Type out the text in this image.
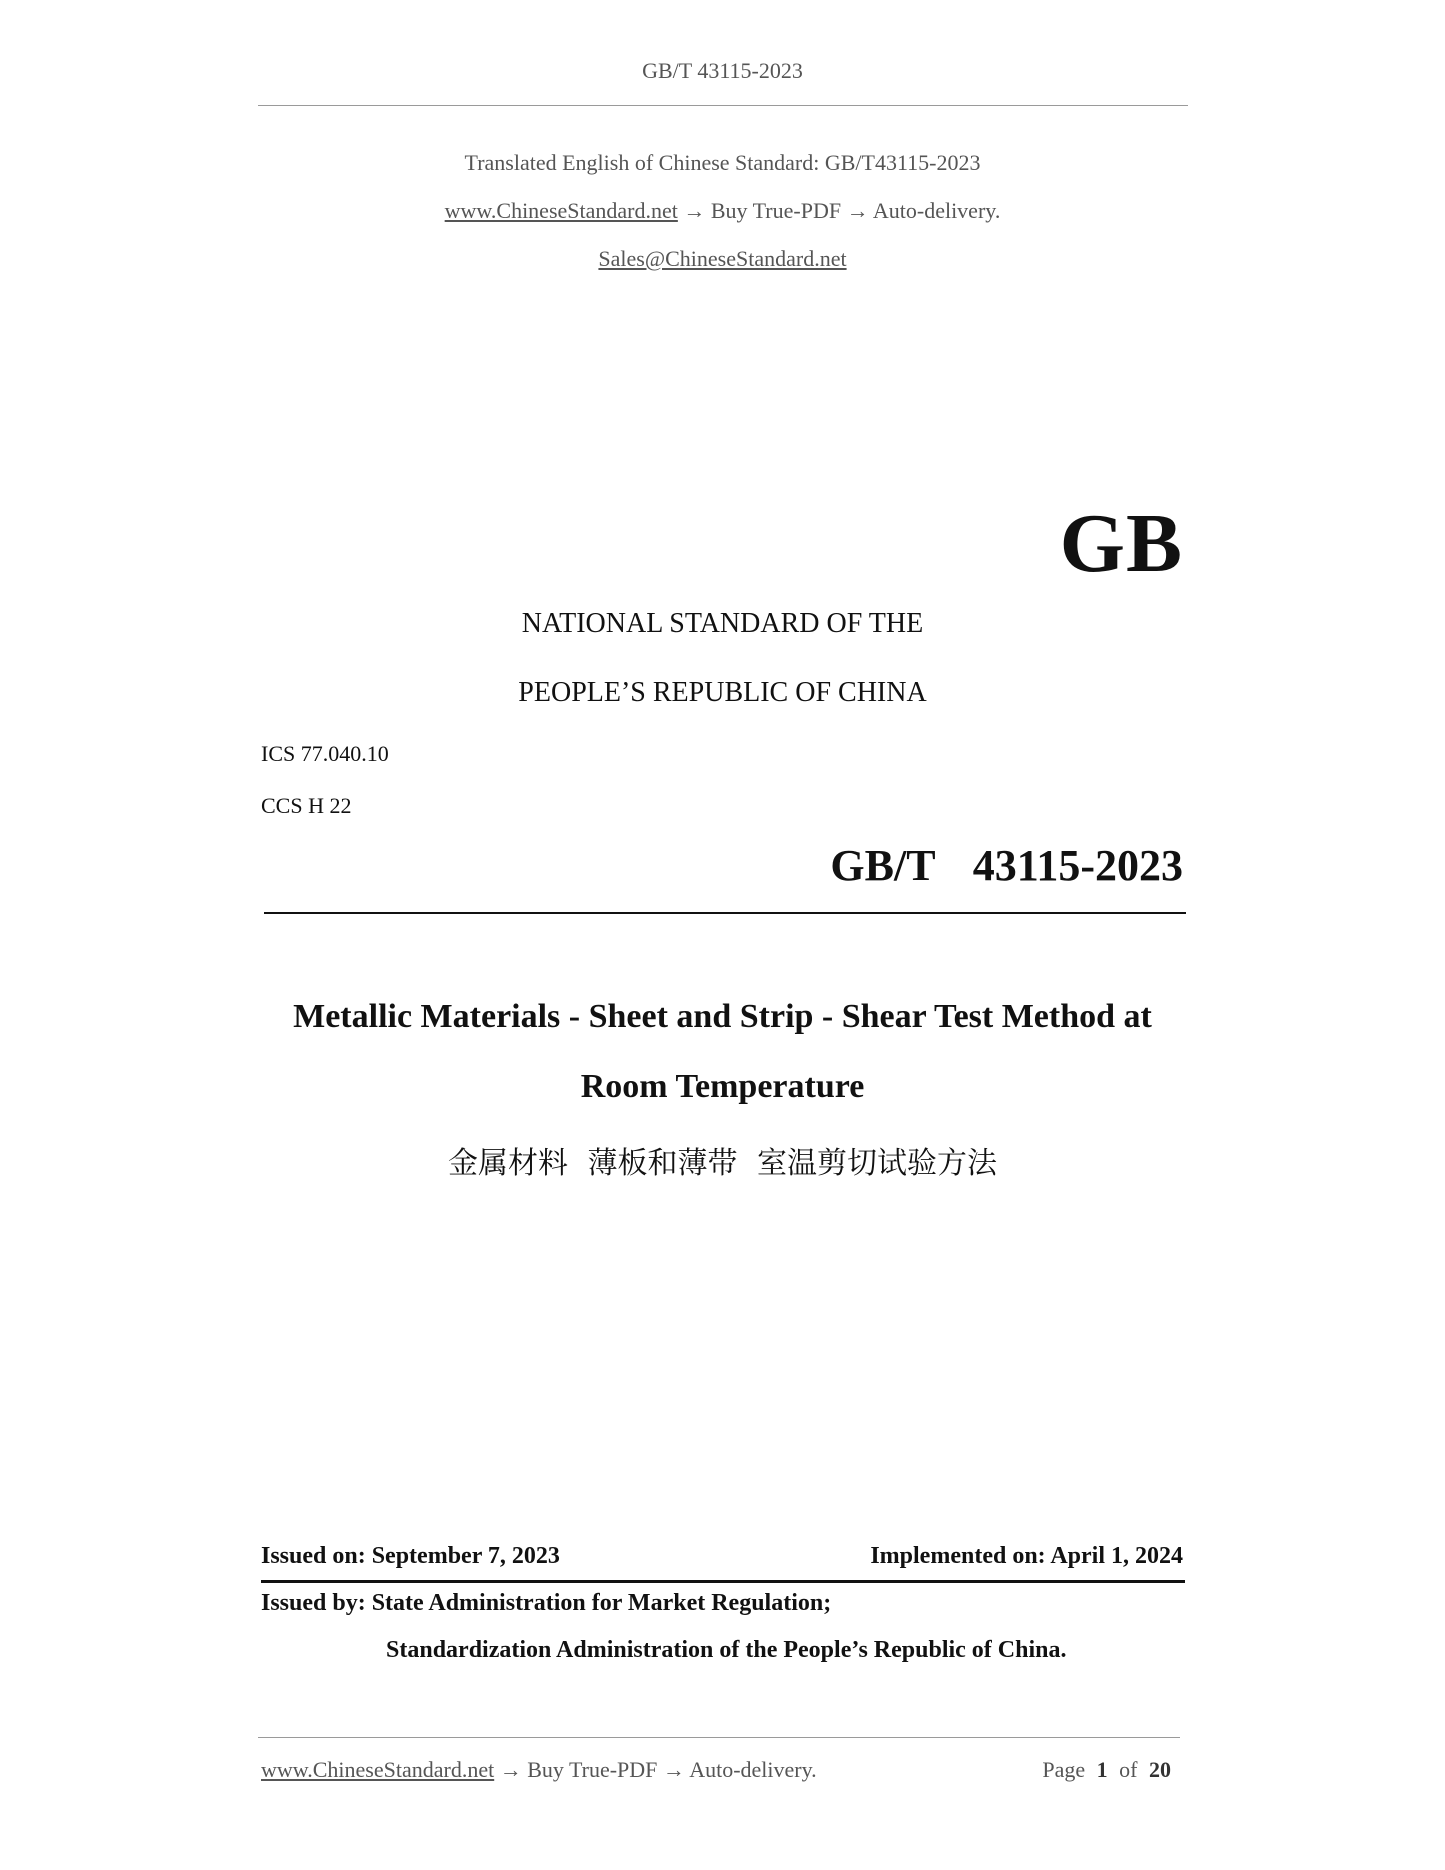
GB/T 43115-2023
Translated English of Chinese Standard: GB/T43115-2023
www.ChineseStandard.net → Buy True-PDF → Auto-delivery.
Sales@ChineseStandard.net
GB
NATIONAL STANDARD OF THE
PEOPLE’S REPUBLIC OF CHINA
ICS 77.040.10
CCS H 22
GB/T  43115-2023
Metallic Materials - Sheet and Strip - Shear Test Method at
Room Temperature
金属材料 薄板和薄带 室温剪切试验方法
Issued on: September 7, 2023	Implemented on: April 1, 2024
Issued by: State Administration for Market Regulation;
Standardization Administration of the People’s Republic of China.
www.ChineseStandard.net → Buy True-PDF → Auto-delivery.	Page 1 of 20
